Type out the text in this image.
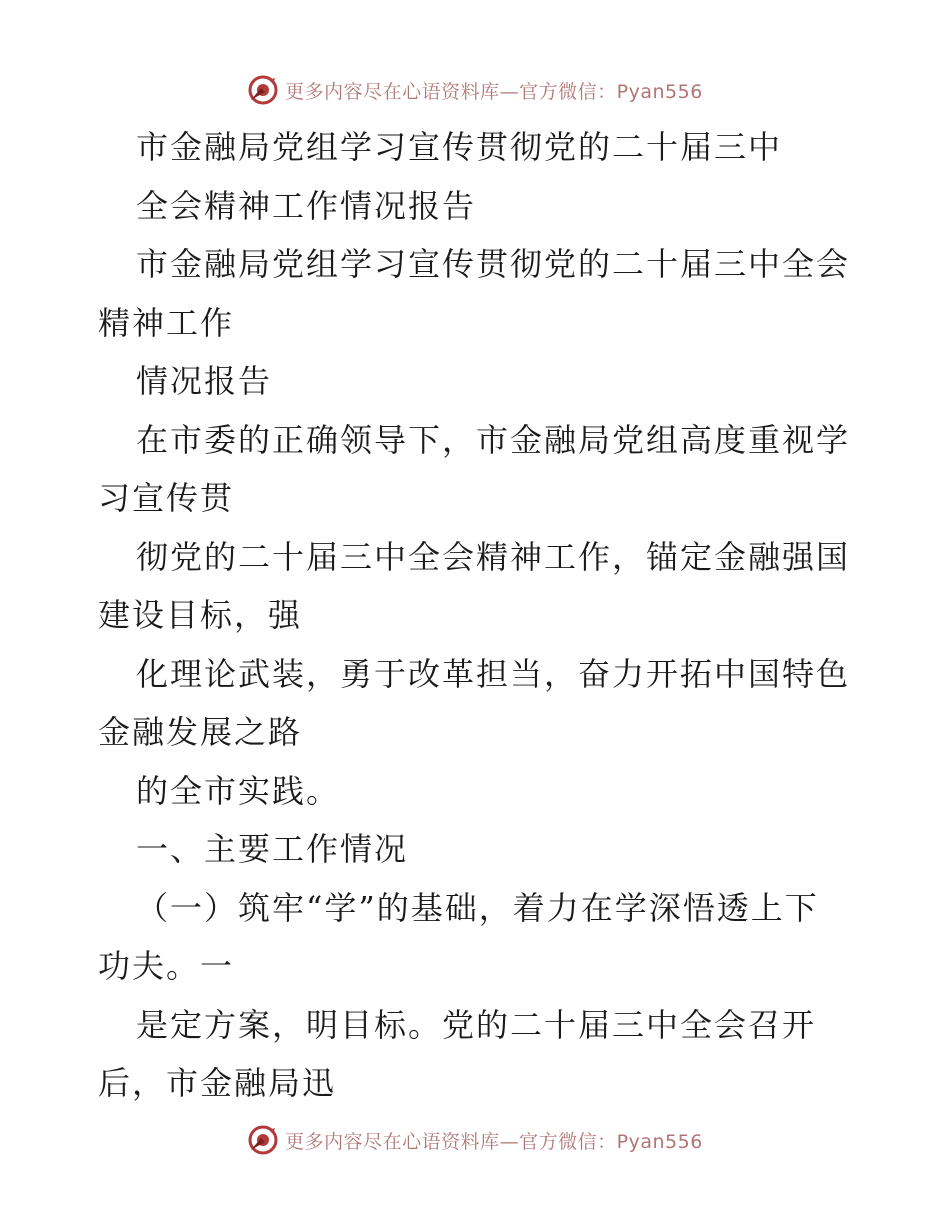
更多内容尽在心语资料库—官方微信：Pyan556
市金融局党组学习宣传贯彻党的二十届三中
全会精神工作情况报告
市金融局党组学习宣传贯彻党的二十届三中全会
精神工作
情况报告
在市委的正确领导下，市金融局党组高度重视学
习宣传贯
彻党的二十届三中全会精神工作，锚定金融强国
建设目标，强
化理论武装，勇于改革担当，奋力开拓中国特色
金融发展之路
的全市实践。
一、主要工作情况
（一）筑牢“学”的基础，着力在学深悟透上下
功夫。一
是定方案，明目标。党的二十届三中全会召开
后，市金融局迅
更多内容尽在心语资料库—官方微信：Pyan556
